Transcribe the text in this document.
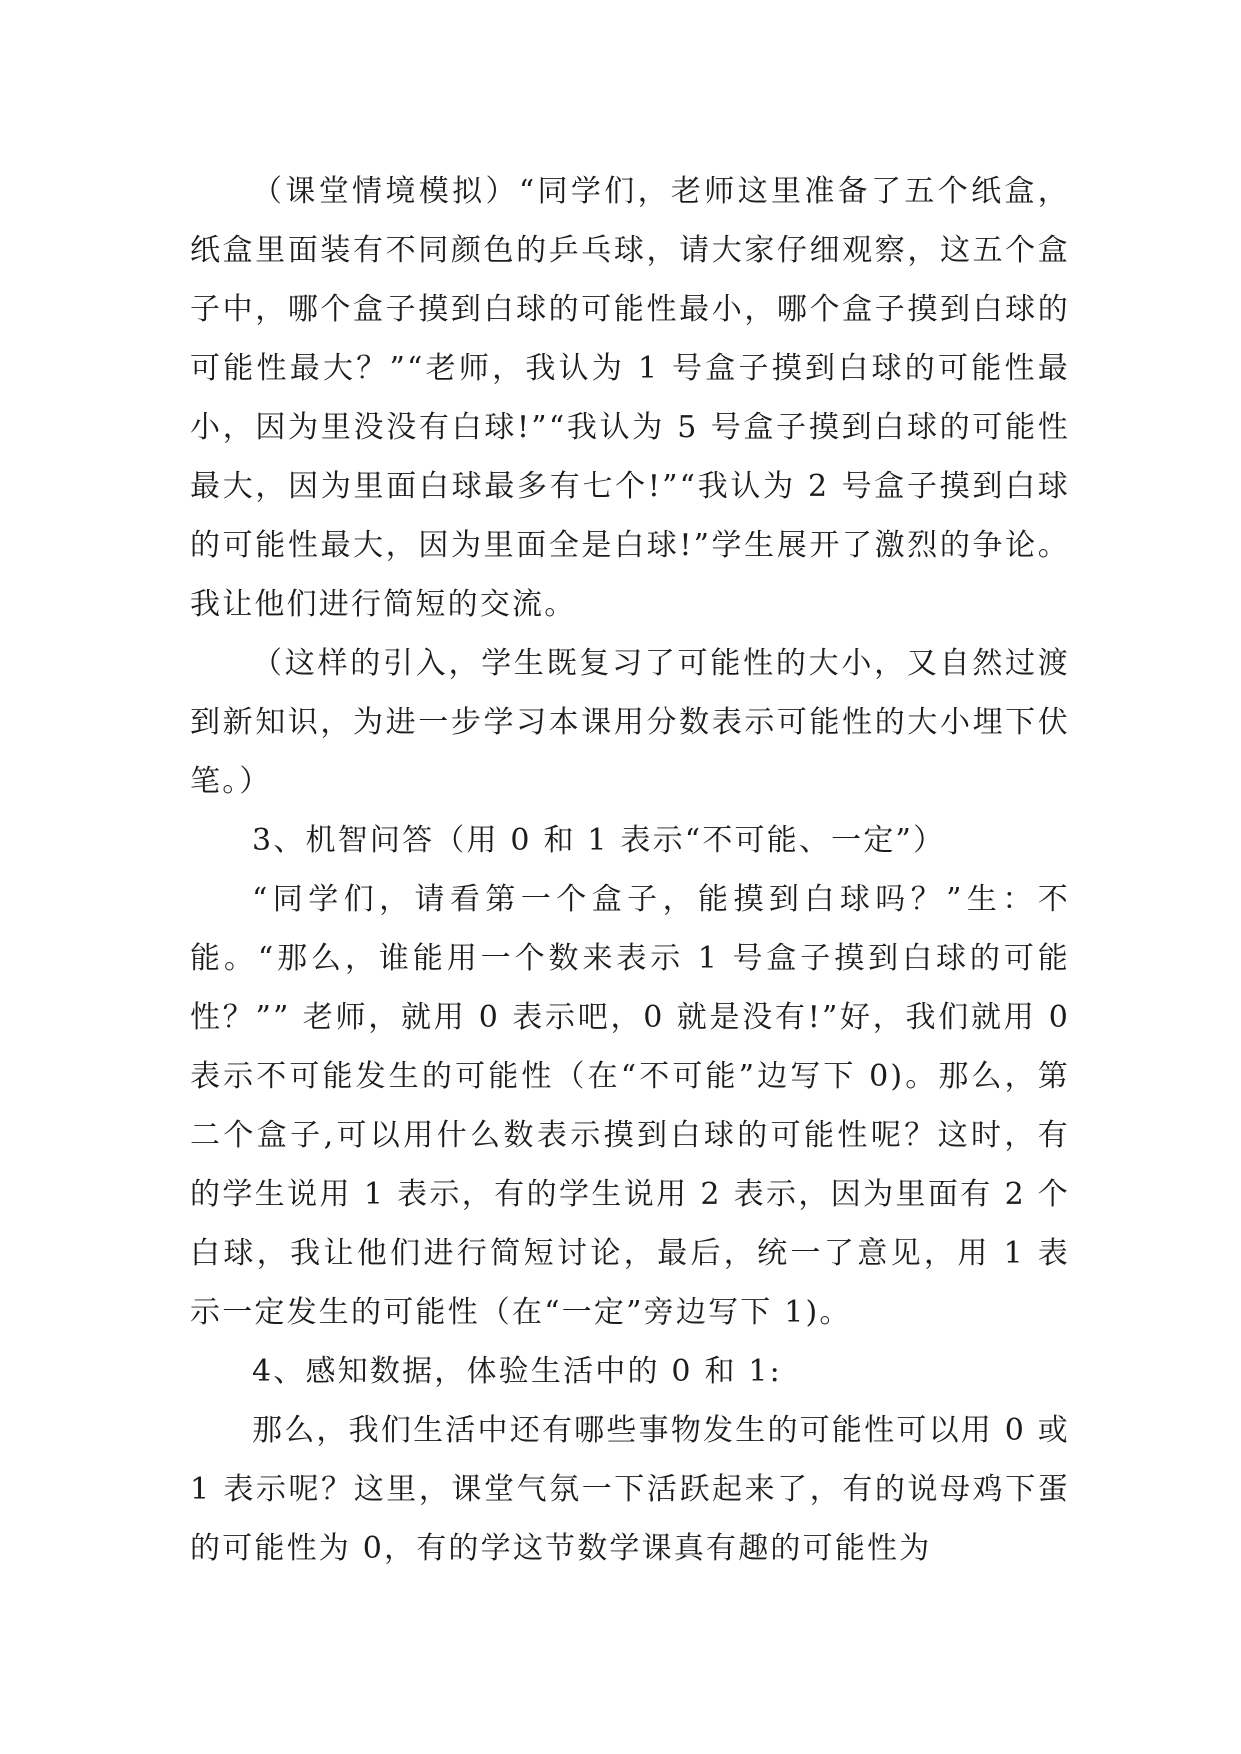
（课堂情境模拟）“同学们，老师这里准备了五个纸盒，纸盒里面装有不同颜色的乒乓球，请大家仔细观察，这五个盒子中，哪个盒子摸到白球的可能性最小，哪个盒子摸到白球的可能性最大？”“老师，我认为 1 号盒子摸到白球的可能性最小，因为里没没有白球!”“我认为 5 号盒子摸到白球的可能性最大，因为里面白球最多有七个!”“我认为 2 号盒子摸到白球的可能性最大，因为里面全是白球!”学生展开了激烈的争论。我让他们进行简短的交流。

（这样的引入，学生既复习了可能性的大小，又自然过渡到新知识，为进一步学习本课用分数表示可能性的大小埋下伏笔。）

3、机智问答（用 0 和 1 表示“不可能、一定”）

“同学们，请看第一个盒子，能摸到白球吗？”生：不能。“那么，谁能用一个数来表示 1 号盒子摸到白球的可能性？”” 老师，就用 0 表示吧，0 就是没有!”好，我们就用 0 表示不可能发生的可能性（在“不可能”边写下 0)。那么，第二个盒子,可以用什么数表示摸到白球的可能性呢？这时，有的学生说用 1 表示，有的学生说用 2 表示，因为里面有 2 个白球，我让他们进行简短讨论，最后，统一了意见，用 1 表示一定发生的可能性（在“一定”旁边写下 1)。

4、感知数据，体验生活中的 0 和 1:

那么，我们生活中还有哪些事物发生的可能性可以用 0 或 1 表示呢？这里，课堂气氛一下活跃起来了，有的说母鸡下蛋的可能性为 0，有的学这节数学课真有趣的可能性为
